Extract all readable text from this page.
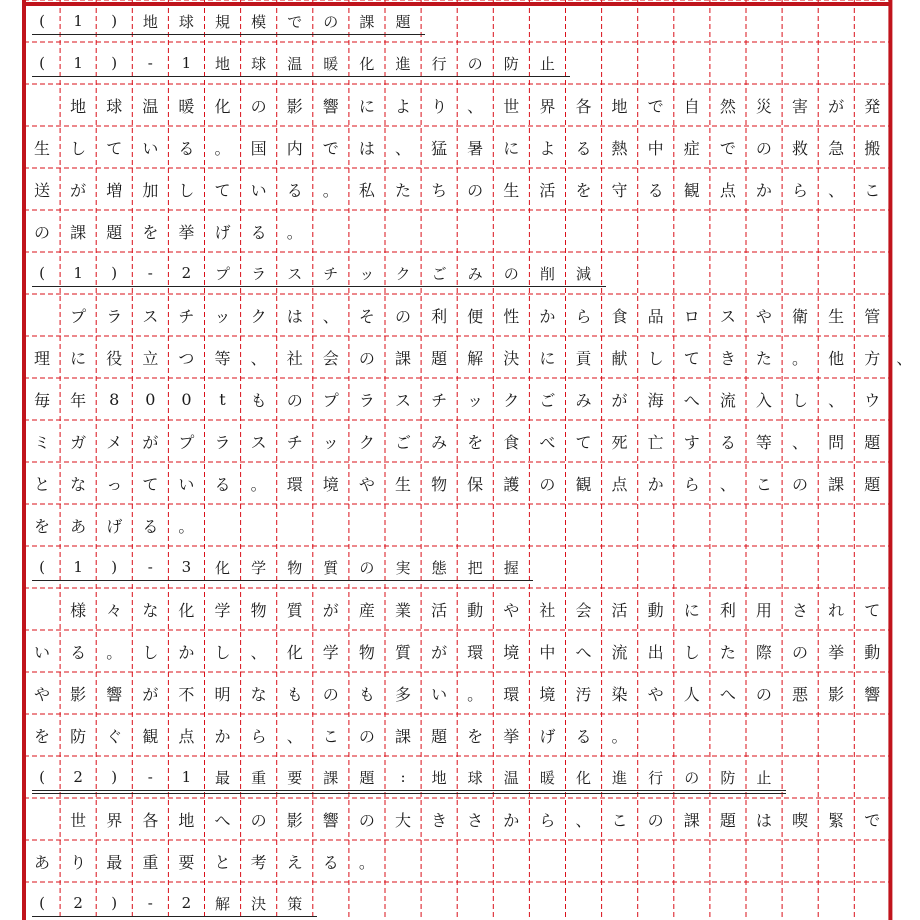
(	1	)	地	球	規	模	で	の	課	題
(	1	)	-	1	地	球	温	暖	化	進	行	の	防	止
地	球	温	暖	化	の	影	響	に	よ	り	、	世	界	各	地	で	自	然	災	害	が	発
生	し	て	い	る	。	国	内	で	は	、	猛	暑	に	よ	る	熱	中	症	で	の	救	急	搬
送	が	増	加	し	て	い	る	。	私	た	ち	の	生	活	を	守	る	観	点	か	ら	、	こ
の	課	題	を	挙	げ	る	。
(	1	)	-	2	プ	ラ	ス	チ	ッ	ク	ご	み	の	削	減
プ	ラ	ス	チ	ッ	ク	は	、	そ	の	利	便	性	か	ら	食	品	ロ	ス	や	衛	生	管
理	に	役	立	つ	等	、	社	会	の	課	題	解	決	に	貢	献	し	て	き	た	。	他	方	、
毎	年	8	0	0	t	も	の	プ	ラ	ス	チ	ッ	ク	ご	み	が	海	へ	流	入	し	、	ウ
ミ	ガ	メ	が	プ	ラ	ス	チ	ッ	ク	ご	み	を	食	べ	て	死	亡	す	る	等	、	問	題
と	な	っ	て	い	る	。	環	境	や	生	物	保	護	の	観	点	か	ら	、	こ	の	課	題
を	あ	げ	る	。
(	1	)	-	3	化	学	物	質	の	実	態	把	握
様	々	な	化	学	物	質	が	産	業	活	動	や	社	会	活	動	に	利	用	さ	れ	て
い	る	。	し	か	し	、	化	学	物	質	が	環	境	中	へ	流	出	し	た	際	の	挙	動
や	影	響	が	不	明	な	も	の	も	多	い	。	環	境	汚	染	や	人	へ	の	悪	影	響
を	防	ぐ	観	点	か	ら	、	こ	の	課	題	を	挙	げ	る	。
(	2	)	-	1	最	重	要	課	題	:	地	球	温	暖	化	進	行	の	防	止
世	界	各	地	へ	の	影	響	の	大	き	さ	か	ら	、	こ	の	課	題	は	喫	緊	で
あ	り	最	重	要	と	考	え	る	。
(	2	)	-	2	解	決	策
